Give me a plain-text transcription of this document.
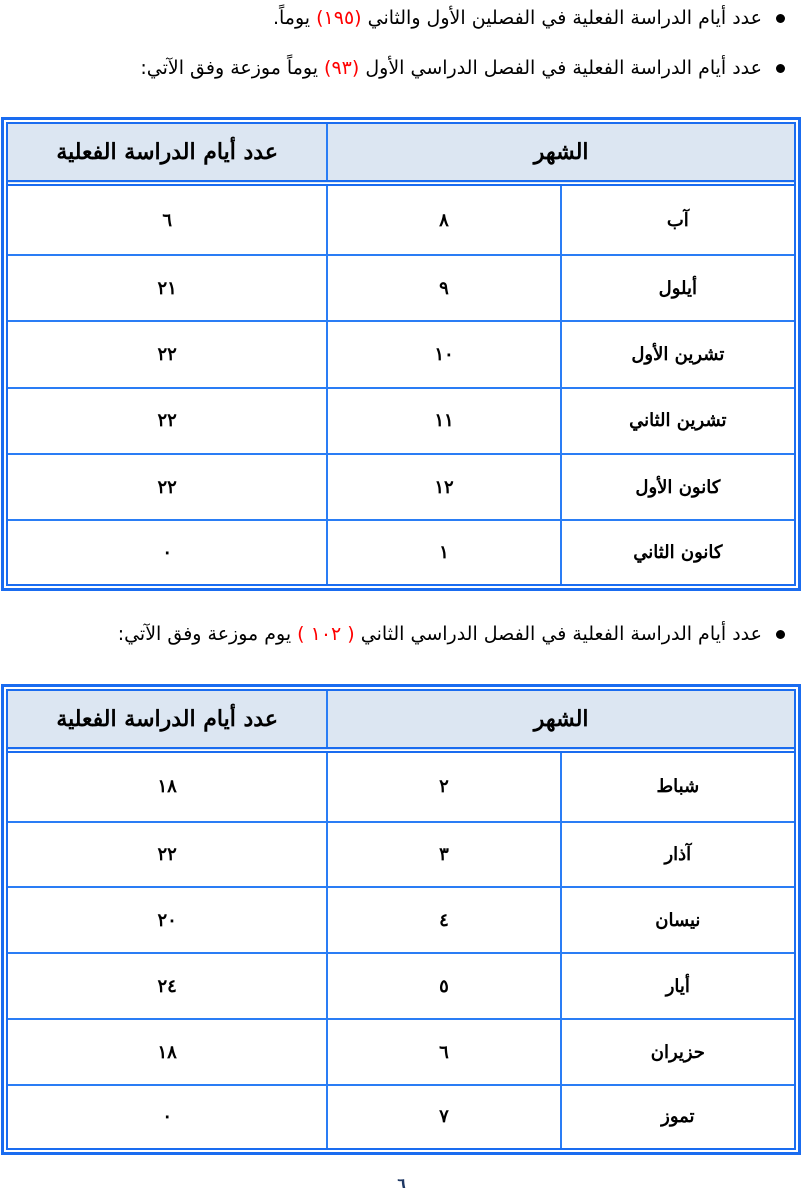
عدد أيام الدراسة الفعلية في الفصلين الأول والثاني (١٩٥) يوماً.
عدد أيام الدراسة الفعلية في الفصل الدراسي الأول (٩٣) يوماً موزعة وفق الآتي:
الشهر		عدد أيام الدراسة الفعلية
آب	٨	٦
أيلول	٩	٢١
تشرين الأول	١٠	٢٢
تشرين الثاني	١١	٢٢
كانون الأول	١٢	٢٢
كانون الثاني	١	٠
عدد أيام الدراسة الفعلية في الفصل الدراسي الثاني ( ١٠٢ ) يوم موزعة وفق الآتي:
الشهر		عدد أيام الدراسة الفعلية
شباط	٢	١٨
آذار	٣	٢٢
نيسان	٤	٢٠
أيار	٥	٢٤
حزيران	٦	١٨
تموز	٧	٠
٦
